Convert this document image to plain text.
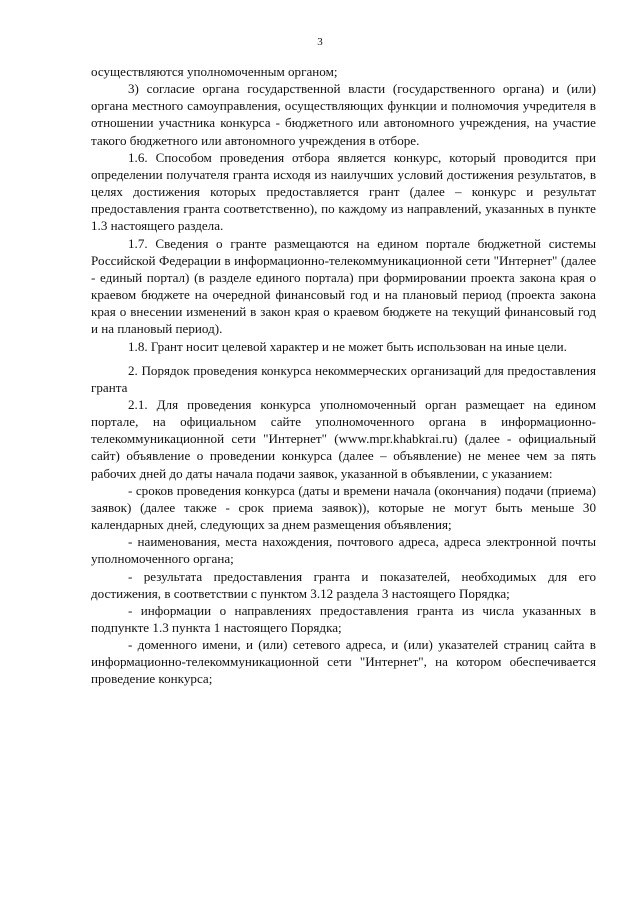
3

осуществляются уполномоченным органом;

3) согласие органа государственной власти (государственного органа) и (или) органа местного самоуправления, осуществляющих функции и полномочия учредителя в отношении участника конкурса - бюджетного или автономного учреждения, на участие такого бюджетного или автономного учреждения в отборе.

1.6. Способом проведения отбора является конкурс, который проводится при определении получателя гранта исходя из наилучших условий достижения результатов, в целях достижения которых предоставляется грант (далее – конкурс и результат предоставления гранта соответственно), по каждому из направлений, указанных в пункте 1.3 настоящего раздела.

1.7. Сведения о гранте размещаются на едином портале бюджетной системы Российской Федерации в информационно-телекоммуникационной сети "Интернет" (далее - единый портал) (в разделе единого портала) при формировании проекта закона края о краевом бюджете на очередной финансовый год и на плановый период (проекта закона края о внесении изменений в закон края о краевом бюджете на текущий финансовый год и на плановый период).

1.8. Грант носит целевой характер и не может быть использован на иные цели.

2. Порядок проведения конкурса некоммерческих организаций для предоставления гранта

2.1. Для проведения конкурса уполномоченный орган размещает на едином портале, на официальном сайте уполномоченного органа в информационно-телекоммуникационной сети "Интернет" (www.mpr.khabkrai.ru) (далее - официальный сайт) объявление о проведении конкурса (далее – объявление) не менее чем за пять рабочих дней до даты начала подачи заявок, указанной в объявлении, с указанием:

- сроков проведения конкурса (даты и времени начала (окончания) подачи (приема) заявок) (далее также - срок приема заявок)), которые не могут быть меньше 30 календарных дней, следующих за днем размещения объявления;

- наименования, места нахождения, почтового адреса, адреса электронной почты уполномоченного органа;

- результата предоставления гранта и показателей, необходимых для его достижения, в соответствии с пунктом 3.12 раздела 3 настоящего Порядка;

- информации о направлениях предоставления гранта из числа указанных в подпункте 1.3 пункта 1 настоящего Порядка;

- доменного имени, и (или) сетевого адреса, и (или) указателей страниц сайта в информационно-телекоммуникационной сети "Интернет", на котором обеспечивается проведение конкурса;
